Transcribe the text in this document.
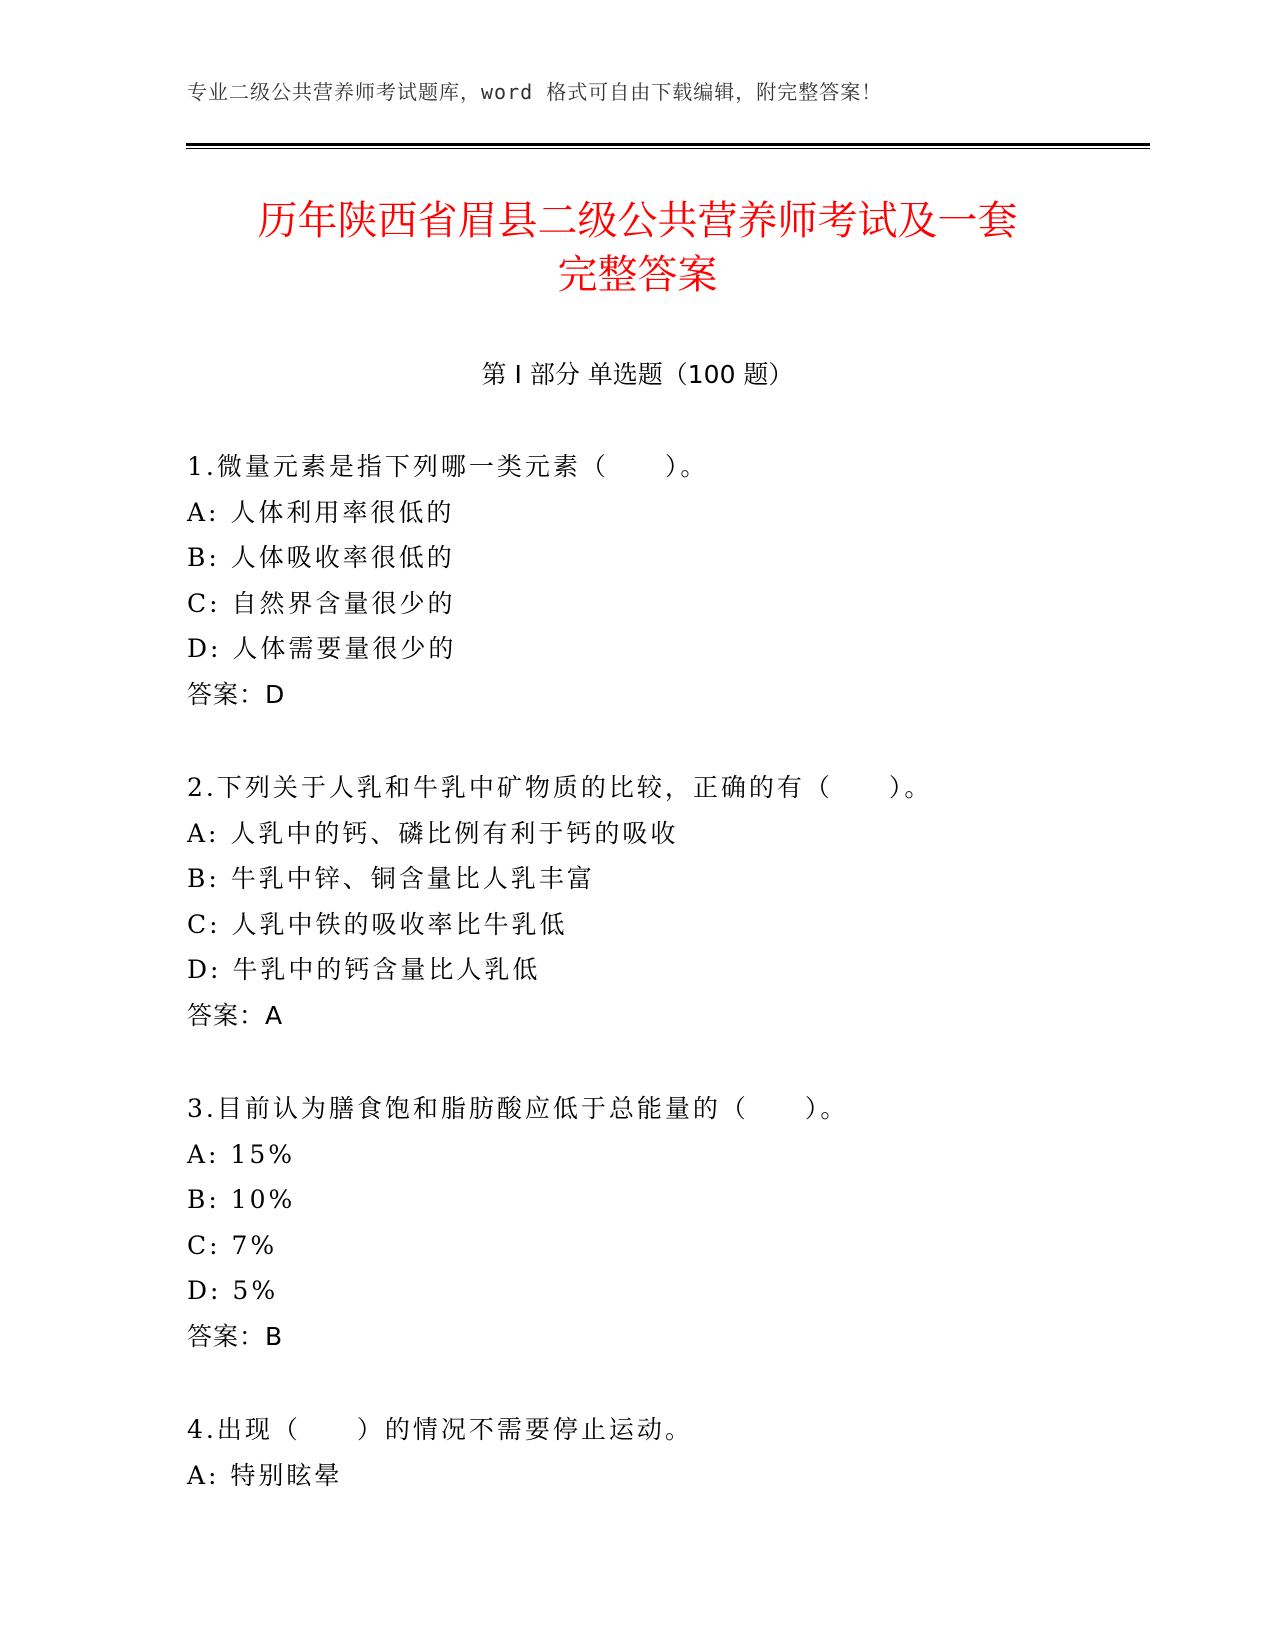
专业二级公共营养师考试题库，word 格式可自由下载编辑，附完整答案！
历年陕西省眉县二级公共营养师考试及一套
完整答案
第 I 部分 单选题（100 题）
1.微量元素是指下列哪一类元素（　　）。
A: 人体利用率很低的
B: 人体吸收率很低的
C: 自然界含量很少的
D: 人体需要量很少的
答案：D
2.下列关于人乳和牛乳中矿物质的比较，正确的有（　　）。
A: 人乳中的钙、磷比例有利于钙的吸收
B: 牛乳中锌、铜含量比人乳丰富
C: 人乳中铁的吸收率比牛乳低
D: 牛乳中的钙含量比人乳低
答案：A
3.目前认为膳食饱和脂肪酸应低于总能量的（　　）。
A: 15%
B: 10%
C: 7%
D: 5%
答案：B
4.出现（　　）的情况不需要停止运动。
A: 特别眩晕
